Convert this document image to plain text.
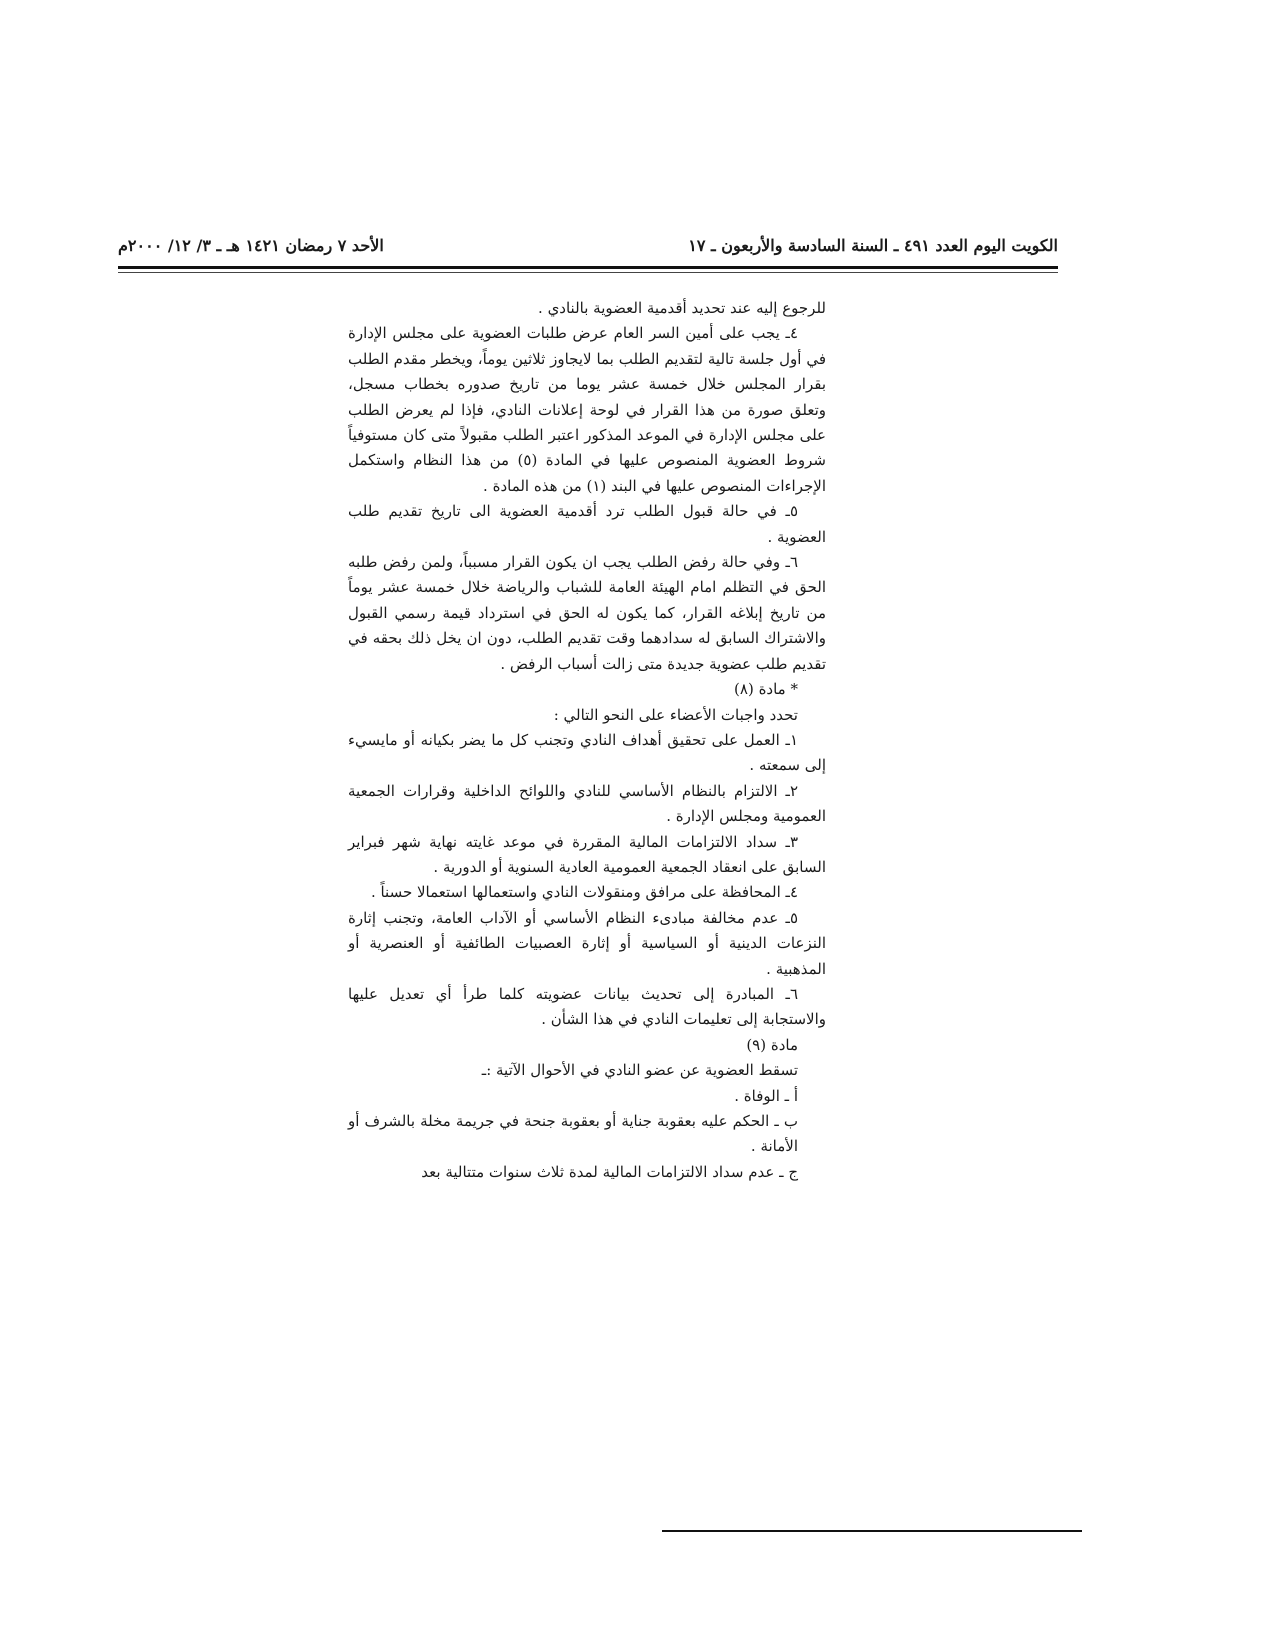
الكويت اليوم العدد ٤٩١ ـ السنة السادسة والأربعون ـ ١٧
الأحد ٧ رمضان ١٤٢١ هـ ـ ٣/ ١٢/ ٢٠٠٠م

للرجوع إليه عند تحديد أقدمية العضوية بالنادي .

٤ـ يجب على أمين السر العام عرض طلبات العضوية على مجلس الإدارة في أول جلسة تالية لتقديم الطلب بما لايجاوز ثلاثين يوماً، ويخطر مقدم الطلب بقرار المجلس خلال خمسة عشر يوما من تاريخ صدوره بخطاب مسجل، وتعلق صورة من هذا القرار في لوحة إعلانات النادي، فإذا لم يعرض الطلب على مجلس الإدارة في الموعد المذكور اعتبر الطلب مقبولاً متى كان مستوفياً شروط العضوية المنصوص عليها في المادة (٥) من هذا النظام واستكمل الإجراءات المنصوص عليها في البند (١) من هذه المادة .

٥ـ في حالة قبول الطلب ترد أقدمية العضوية الى تاريخ تقديم طلب العضوية .

٦ـ وفي حالة رفض الطلب يجب ان يكون القرار مسبباً، ولمن رفض طلبه الحق في التظلم امام الهيئة العامة للشباب والرياضة خلال خمسة عشر يوماً من تاريخ إبلاغه القرار، كما يكون له الحق في استرداد قيمة رسمي القبول والاشتراك السابق له سدادهما وقت تقديم الطلب، دون ان يخل ذلك بحقه في تقديم طلب عضوية جديدة متى زالت أسباب الرفض .

* مادة (٨)

تحدد واجبات الأعضاء على النحو التالي :

١ـ العمل على تحقيق أهداف النادي وتجنب كل ما يضر بكيانه أو مايسيء إلى سمعته .

٢ـ الالتزام بالنظام الأساسي للنادي واللوائح الداخلية وقرارات الجمعية العمومية ومجلس الإدارة .

٣ـ سداد الالتزامات المالية المقررة في موعد غايته نهاية شهر فبراير السابق على انعقاد الجمعية العمومية العادية السنوية أو الدورية .

٤ـ المحافظة على مرافق ومنقولات النادي واستعمالها استعمالا حسناً .

٥ـ عدم مخالفة مبادىء النظام الأساسي أو الآداب العامة، وتجنب إثارة النزعات الدينية أو السياسية أو إثارة العصبيات الطائفية أو العنصرية أو المذهبية .

٦ـ المبادرة إلى تحديث بيانات عضويته كلما طرأ أي تعديل عليها والاستجابة إلى تعليمات النادي في هذا الشأن .

مادة (٩)

تسقط العضوية عن عضو النادي في الأحوال الآتية :ـ

أ ـ الوفاة .

ب ـ الحكم عليه بعقوبة جناية أو بعقوبة جنحة في جريمة مخلة بالشرف أو الأمانة .

ج ـ عدم سداد الالتزامات المالية لمدة ثلاث سنوات متتالية بعد
